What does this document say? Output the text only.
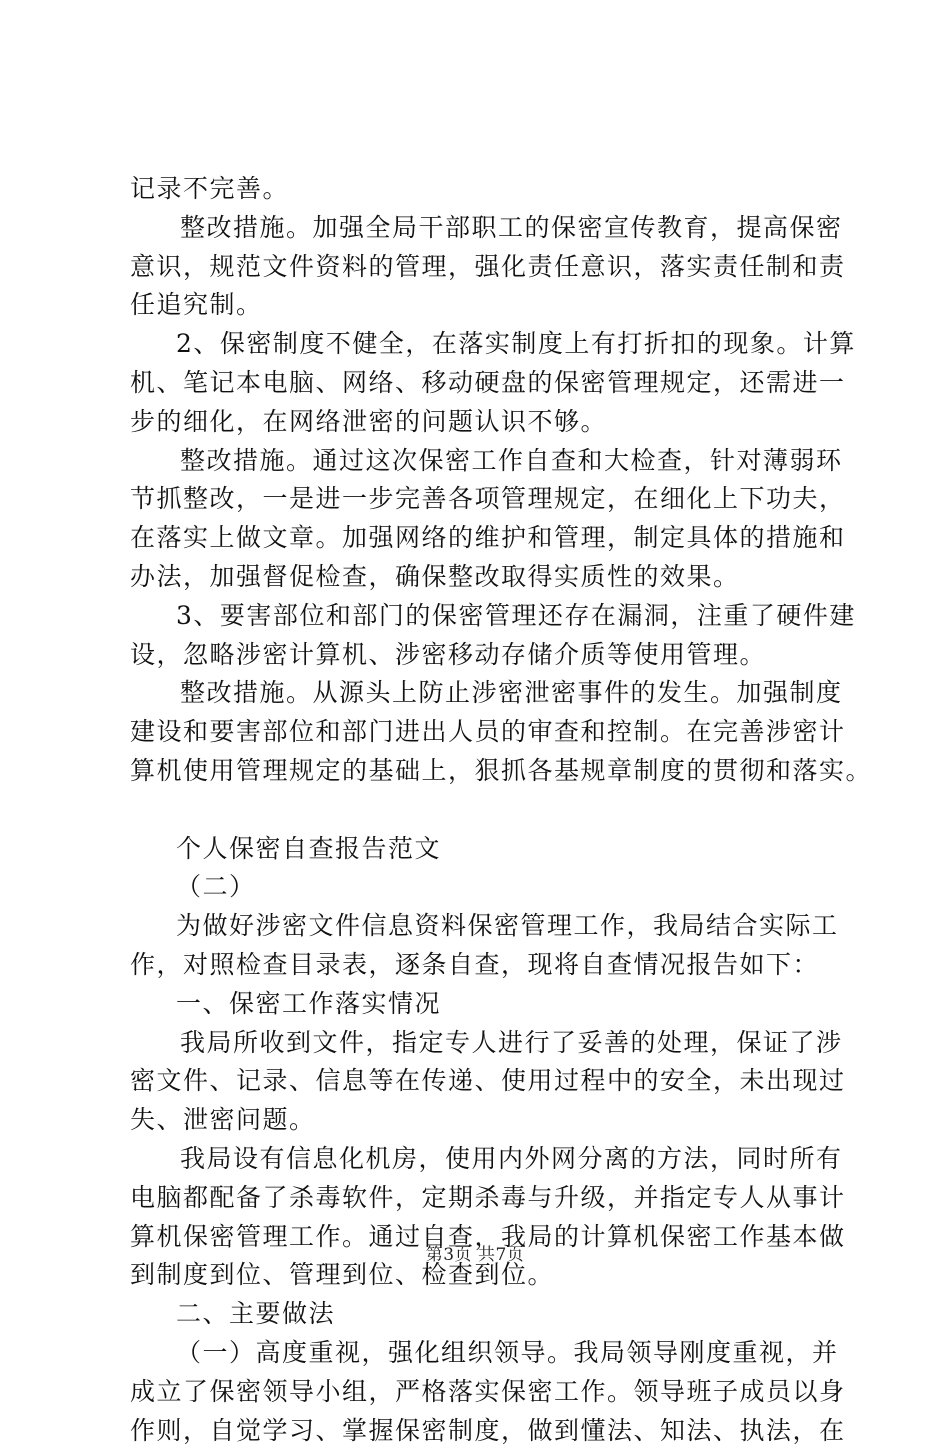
记录不完善。
整改措施。加强全局干部职工的保密宣传教育，提高保密
意识，规范文件资料的管理，强化责任意识，落实责任制和责
任追究制。
2、保密制度不健全，在落实制度上有打折扣的现象。计算
机、笔记本电脑、网络、移动硬盘的保密管理规定，还需进一
步的细化，在网络泄密的问题认识不够。
整改措施。通过这次保密工作自查和大检查，针对薄弱环
节抓整改，一是进一步完善各项管理规定，在细化上下功夫，
在落实上做文章。加强网络的维护和管理，制定具体的措施和
办法，加强督促检查，确保整改取得实质性的效果。
3、要害部位和部门的保密管理还存在漏洞，注重了硬件建
设，忽略涉密计算机、涉密移动存储介质等使用管理。
整改措施。从源头上防止涉密泄密事件的发生。加强制度
建设和要害部位和部门进出人员的审查和控制。在完善涉密计
算机使用管理规定的基础上，狠抓各基规章制度的贯彻和落实。
个人保密自查报告范文
（二）
为做好涉密文件信息资料保密管理工作，我局结合实际工
作，对照检查目录表，逐条自查，现将自查情况报告如下：
一、保密工作落实情况
我局所收到文件，指定专人进行了妥善的处理，保证了涉
密文件、记录、信息等在传递、使用过程中的安全，未出现过
失、泄密问题。
我局设有信息化机房，使用内外网分离的方法，同时所有
电脑都配备了杀毒软件，定期杀毒与升级，并指定专人从事计
算机保密管理工作。通过自查，我局的计算机保密工作基本做
到制度到位、管理到位、检查到位。
二、主要做法
（一）高度重视，强化组织领导。我局领导刚度重视，并
成立了保密领导小组，严格落实保密工作。领导班子成员以身
作则，自觉学习、掌握保密制度，做到懂法、知法、执法，在
第3页 共7页
